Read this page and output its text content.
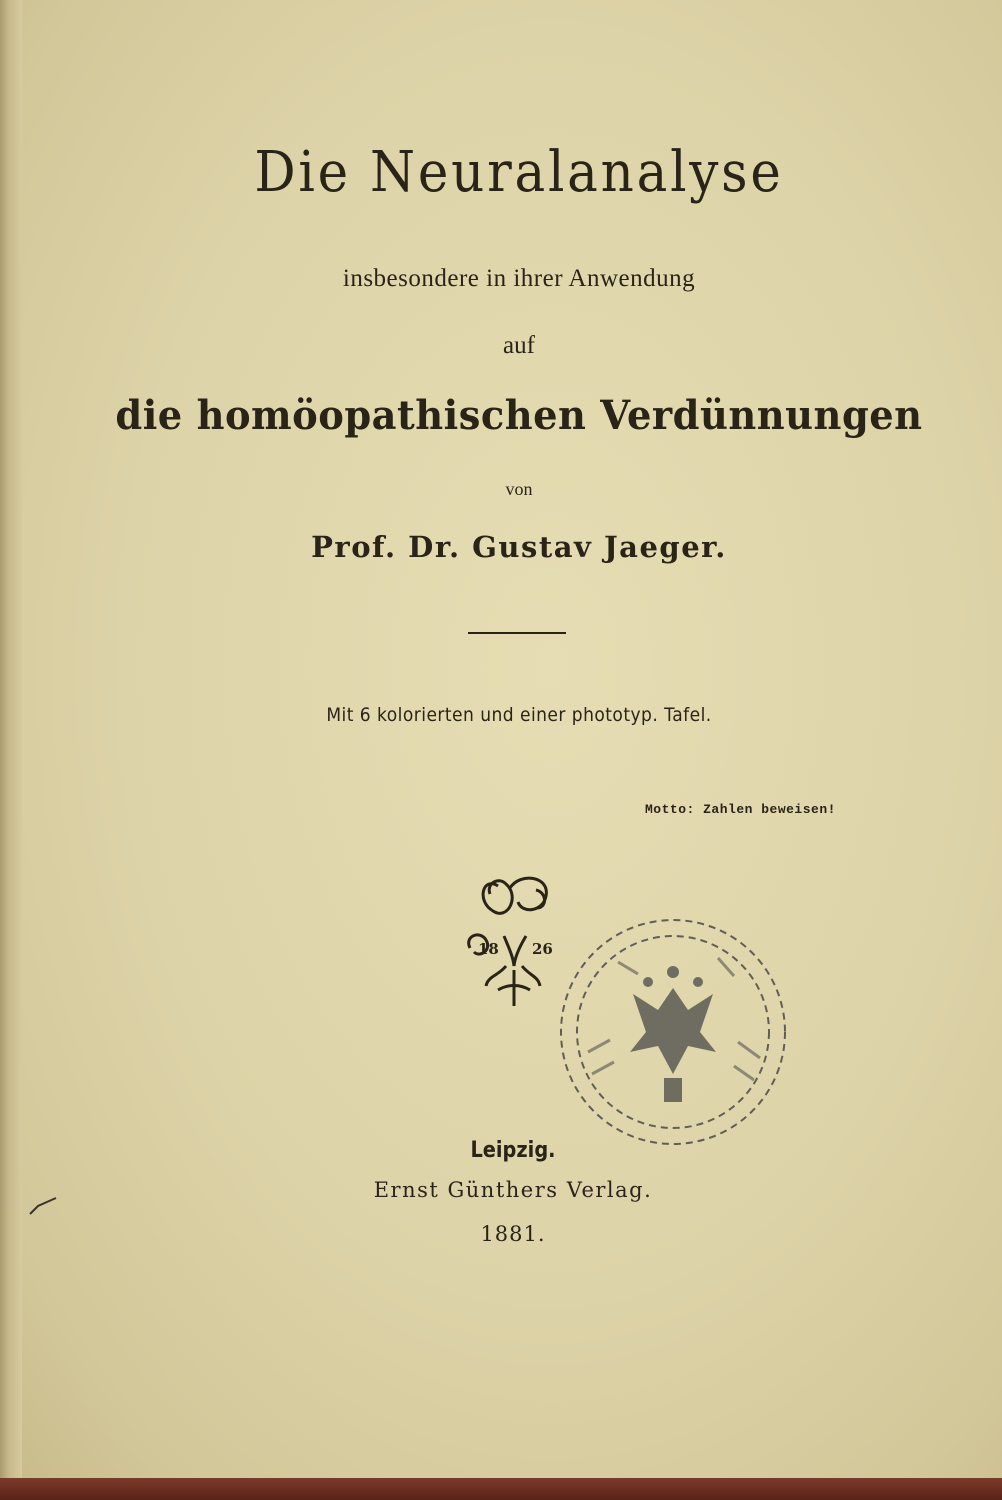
Die Neuralanalyse
insbesondere in ihrer Anwendung
auf
die homöopathischen Verdünnungen
von
Prof. Dr. Gustav Jaeger.
Mit 6 kolorierten und einer phototyp. Tafel.
Motto: Zahlen beweisen!
18 26
Leipzig.
Ernst Günthers Verlag.
1881.
